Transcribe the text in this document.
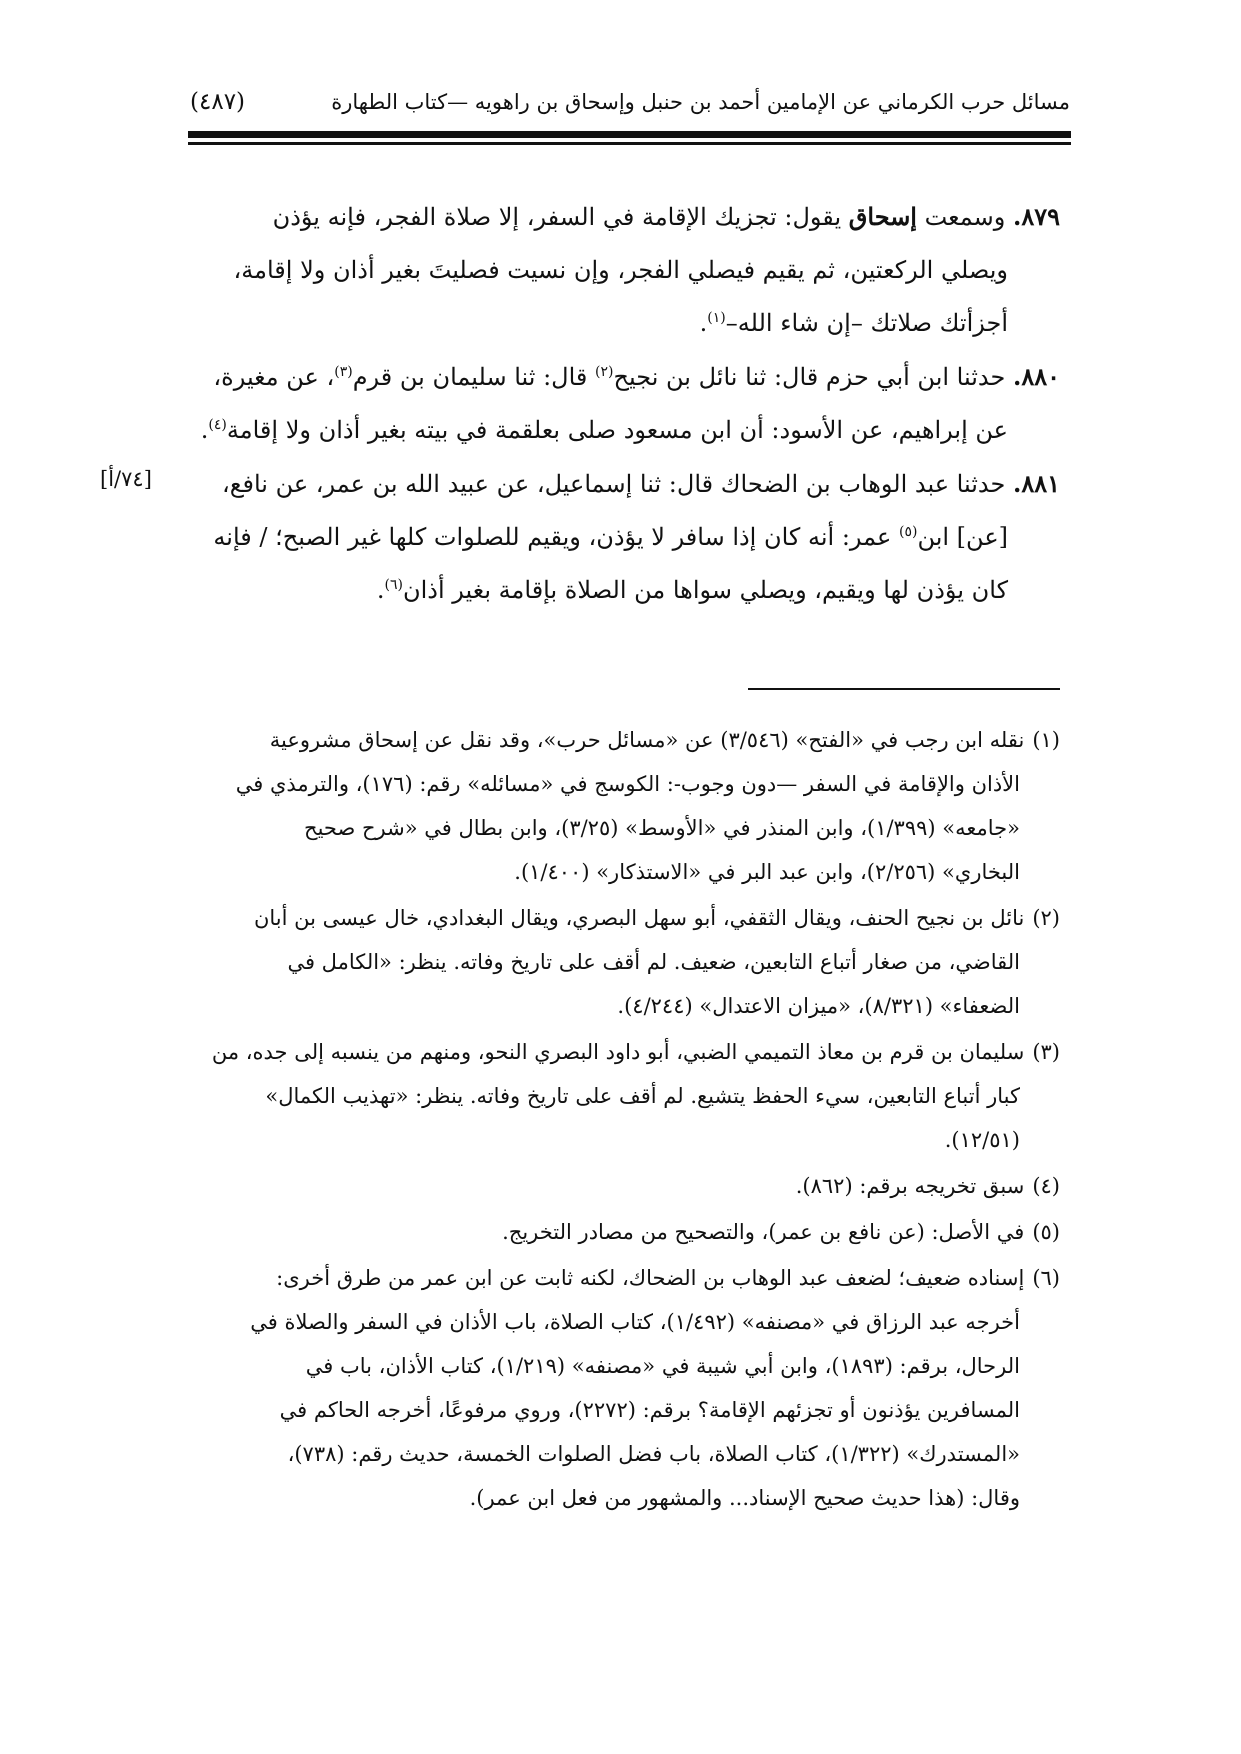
مسائل حرب الكرماني عن الإمامين أحمد بن حنبل وإسحاق بن راهويه —كتاب الطهارة
(٤٨٧)

٨٧٩. وسمعت إسحاق يقول: تجزيك الإقامة في السفر، إلا صلاة الفجر، فإنه يؤذن

ويصلي الركعتين، ثم يقيم فيصلي الفجر، وإن نسيت فصليتَ بغير أذان ولا إقامة،

أجزأتك صلاتك –إن شاء الله–$^{(١)}$.

٨٨٠. حدثنا ابن أبي حزم قال: ثنا نائل بن نجيح$^{(٢)}$ قال: ثنا سليمان بن قرم$^{(٣)}$، عن مغيرة،

عن إبراهيم، عن الأسود: أن ابن مسعود صلى بعلقمة في بيته بغير أذان ولا إقامة$^{(٤)}$.

٨٨١. حدثنا عبد الوهاب بن الضحاك قال: ثنا إسماعيل، عن عبيد الله بن عمر، عن نافع،

[عن] ابن$^{(٥)}$ عمر: أنه كان إذا سافر لا يؤذن، ويقيم للصلوات كلها غير الصبح؛ / فإنه

كان يؤذن لها ويقيم، ويصلي سواها من الصلاة بإقامة بغير أذان$^{(٦)}$.

[٧٤/أ]
(١)نقله ابن رجب في «الفتح» (٣/٥٤٦) عن «مسائل حرب»، وقد نقل عن إسحاق مشروعية
الأذان والإقامة في السفر —دون وجوب-: الكوسج في «مسائله» رقم: (١٧٦)، والترمذي في
«جامعه» (١/٣٩٩)، وابن المنذر في «الأوسط» (٣/٢٥)، وابن بطال في «شرح صحيح
البخاري» (٢/٢٥٦)، وابن عبد البر في «الاستذكار» (١/٤٠٠).
(٢)نائل بن نجيح الحنف، ويقال الثقفي، أبو سهل البصري، ويقال البغدادي، خال عيسى بن أبان
القاضي، من صغار أتباع التابعين، ضعيف. لم أقف على تاريخ وفاته. ينظر: «الكامل في
الضعفاء» (٨/٣٢١)، «ميزان الاعتدال» (٤/٢٤٤).
(٣)سليمان بن قرم بن معاذ التميمي الضبي، أبو داود البصري النحو، ومنهم من ينسبه إلى جده، من
كبار أتباع التابعين، سيء الحفظ يتشيع. لم أقف على تاريخ وفاته. ينظر: «تهذيب الكمال»
(١٢/٥١).
(٤)سبق تخريجه برقم: (٨٦٢).
(٥)في الأصل: (عن نافع بن عمر)، والتصحيح من مصادر التخريج.
(٦)إسناده ضعيف؛ لضعف عبد الوهاب بن الضحاك، لكنه ثابت عن ابن عمر من طرق أخرى:
أخرجه عبد الرزاق في «مصنفه» (١/٤٩٢)، كتاب الصلاة، باب الأذان في السفر والصلاة في
الرحال، برقم: (١٨٩٣)، وابن أبي شيبة في «مصنفه» (١/٢١٩)، كتاب الأذان، باب في
المسافرين يؤذنون أو تجزئهم الإقامة؟ برقم: (٢٢٧٢)، وروي مرفوعًا، أخرجه الحاكم في
«المستدرك» (١/٣٢٢)، كتاب الصلاة، باب فضل الصلوات الخمسة، حديث رقم: (٧٣٨)،
وقال: (هذا حديث صحيح الإسناد... والمشهور من فعل ابن عمر).
